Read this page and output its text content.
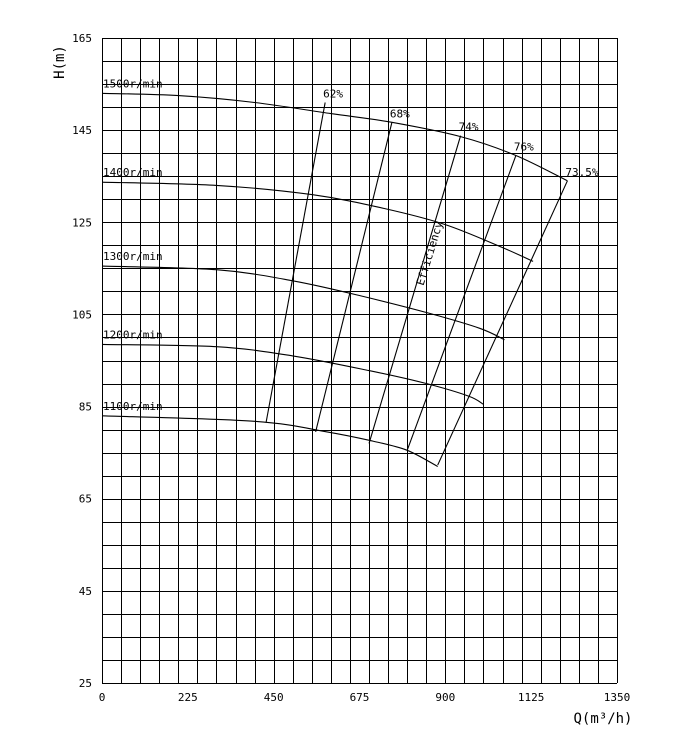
1500r/min
1400r/min
1300r/min
1200r/min
1100r/min
62%
68%
74%
76%
73.5%
Efficiency
0	225	450	675	900	1125	1350
165
145
125
105
85
65
45
25
H(m)
Q(m³/h)
